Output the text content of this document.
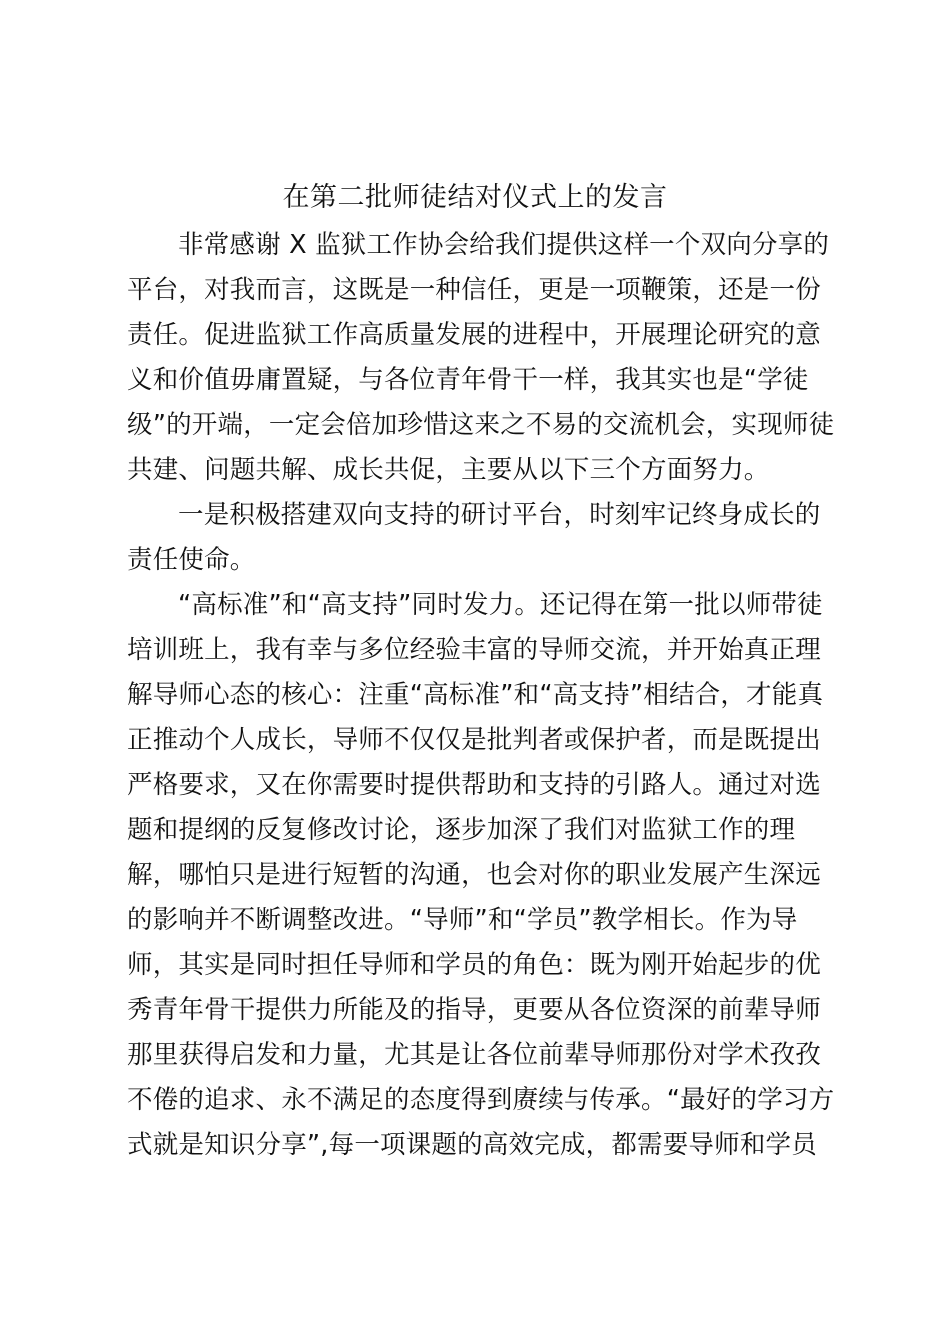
在第二批师徒结对仪式上的发言
非常感谢 X 监狱工作协会给我们提供这样一个双向分享的
平台，对我而言，这既是一种信任，更是一项鞭策，还是一份
责任。促进监狱工作高质量发展的进程中，开展理论研究的意
义和价值毋庸置疑，与各位青年骨干一样，我其实也是“学徒
级”的开端，一定会倍加珍惜这来之不易的交流机会，实现师徒
共建、问题共解、成长共促，主要从以下三个方面努力。
一是积极搭建双向支持的研讨平台，时刻牢记终身成长的
责任使命。
“高标准”和“高支持”同时发力。还记得在第一批以师带徒
培训班上，我有幸与多位经验丰富的导师交流，并开始真正理
解导师心态的核心：注重“高标准”和“高支持”相结合，才能真
正推动个人成长，导师不仅仅是批判者或保护者，而是既提出
严格要求，又在你需要时提供帮助和支持的引路人。通过对选
题和提纲的反复修改讨论，逐步加深了我们对监狱工作的理
解，哪怕只是进行短暂的沟通，也会对你的职业发展产生深远
的影响并不断调整改进。“导师”和“学员”教学相长。作为导
师，其实是同时担任导师和学员的角色：既为刚开始起步的优
秀青年骨干提供力所能及的指导，更要从各位资深的前辈导师
那里获得启发和力量，尤其是让各位前辈导师那份对学术孜孜
不倦的追求、永不满足的态度得到赓续与传承。“最好的学习方
式就是知识分享”,每一项课题的高效完成，都需要导师和学员
